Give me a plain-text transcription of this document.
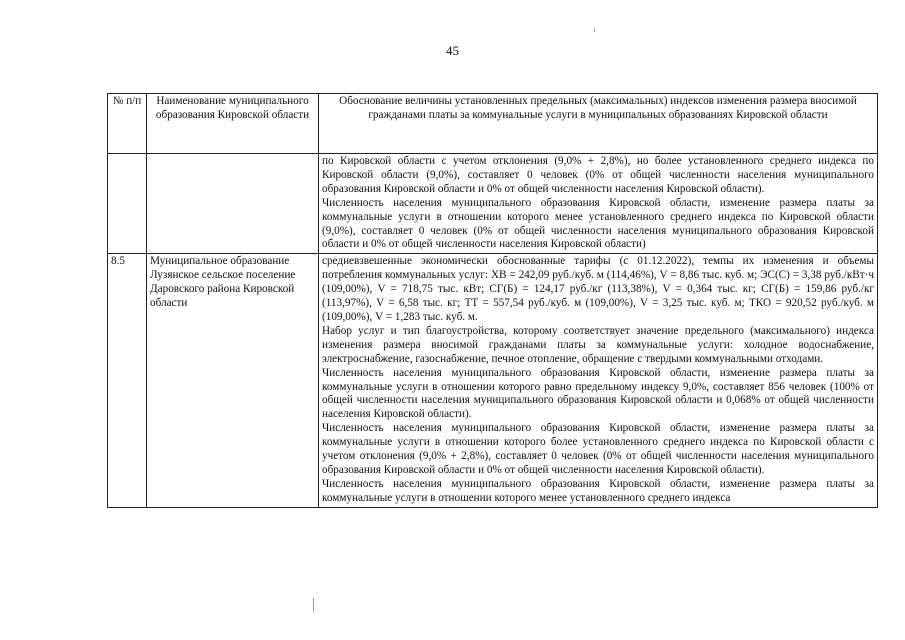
45
№ п/п	Наименование муниципального образования Кировской области	Обоснование величины установленных предельных (максимальных) индексов изменения размера вносимой гражданами платы за коммунальные услуги в муниципальных образованиях Кировской области

		по Кировской области с учетом отклонения (9,0% + 2,8%), но более установленного среднего индекса по Кировской области (9,0%), составляет 0 человек (0% от общей численности населения муниципального образования Кировской области и 0% от общей численности населения Кировской области).

Численность населения муниципального образования Кировской области, изменение размера платы за коммунальные услуги в отношении которого менее установленного среднего индекса по Кировской области (9,0%), составляет 0 человек (0% от общей численности населения муниципального образования Кировской области и 0% от общей численности населения Кировской области)

8.5	Муниципальное образование Лузянское сельское поселение Даровского района Кировской области	средневзвешенные экономически обоснованные тарифы (с 01.12.2022), темпы их изменения и объемы потребления коммунальных услуг: ХВ = 242,09 руб./куб. м (114,46%), V = 8,86 тыс. куб. м; ЭС(С) = 3,38 руб./кВт·ч (109,00%), V = 718,75 тыс. кВт; СГ(Б) = 124,17 руб./кг (113,38%), V = 0,364 тыс. кг; СГ(Б) = 159,86 руб./кг (113,97%), V = 6,58 тыс. кг; ТТ = 557,54 руб./куб. м (109,00%), V = 3,25 тыс. куб. м; ТКО = 920,52 руб./куб. м (109,00%), V = 1,283 тыс. куб. м.

Набор услуг и тип благоустройства, которому соответствует значение предельного (максимального) индекса изменения размера вносимой гражданами платы за коммунальные услуги: холодное водоснабжение, электроснабжение, газоснабжение, печное отопление, обращение с твердыми коммунальными отходами.

Численность населения муниципального образования Кировской области, изменение размера платы за коммунальные услуги в отношении которого равно предельному индексу 9,0%, составляет 856 человек (100% от общей численности населения муниципального образования Кировской области и 0,068% от общей численности населения Кировской области).

Численность населения муниципального образования Кировской области, изменение размера платы за коммунальные услуги в отношении которого более установленного среднего индекса по Кировской области с учетом отклонения (9,0% + 2,8%), составляет 0 человек (0% от общей численности населения муниципального образования Кировской области и 0% от общей численности населения Кировской области).

Численность населения муниципального образования Кировской области, изменение размера платы за коммунальные услуги в отношении которого менее установленного среднего индекса
